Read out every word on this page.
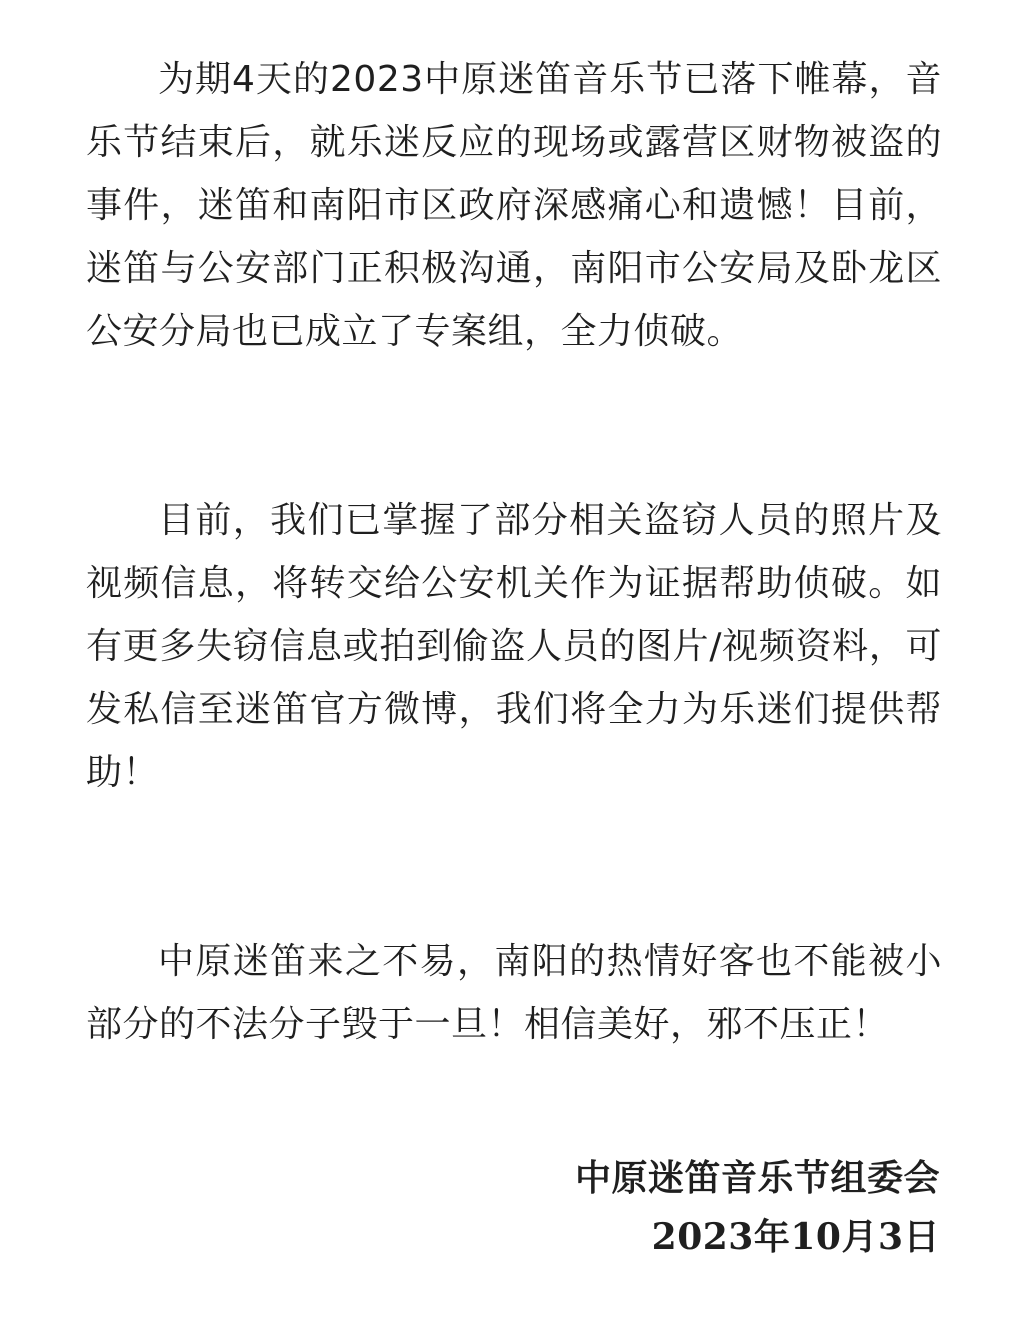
为期4天的2023中原迷笛音乐节已落下帷幕，音乐节结束后，就乐迷反应的现场或露营区财物被盗的事件，迷笛和南阳市区政府深感痛心和遗憾！目前，迷笛与公安部门正积极沟通，南阳市公安局及卧龙区公安分局也已成立了专案组，全力侦破。

目前，我们已掌握了部分相关盗窃人员的照片及视频信息，将转交给公安机关作为证据帮助侦破。如有更多失窃信息或拍到偷盗人员的图片/视频资料，可发私信至迷笛官方微博，我们将全力为乐迷们提供帮助！

中原迷笛来之不易，南阳的热情好客也不能被小部分的不法分子毁于一旦！相信美好，邪不压正！

中原迷笛音乐节组委会
2023年10月3日
